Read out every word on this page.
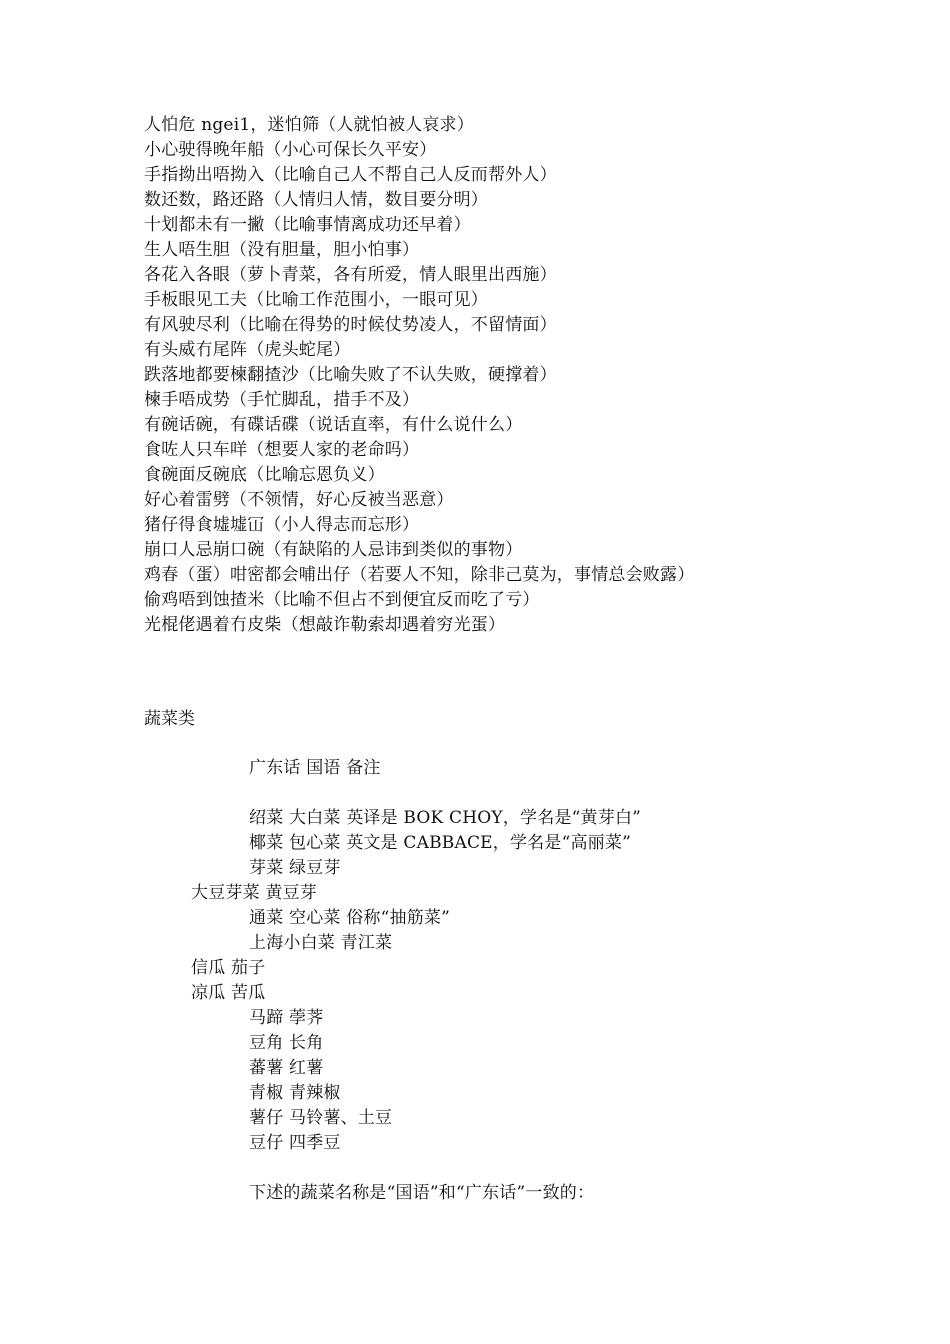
人怕危 ngei1，迷怕筛（人就怕被人哀求）
小心驶得晚年船（小心可保长久平安）
手指拗出唔拗入（比喻自己人不帮自己人反而帮外人）
数还数，路还路（人情归人情，数目要分明）
十划都未有一撇（比喻事情离成功还早着）
生人唔生胆（没有胆量，胆小怕事）
各花入各眼（萝卜青菜，各有所爱，情人眼里出西施）
手板眼见工夫（比喻工作范围小，一眼可见）
有风驶尽利（比喻在得势的时候仗势凌人，不留情面）
有头威冇尾阵（虎头蛇尾）
跌落地都要楝翻揸沙（比喻失败了不认失败，硬撑着）
楝手唔成势（手忙脚乱，措手不及）
有碗话碗，有碟话碟（说话直率，有什么说什么）
食咗人只车咩（想要人家的老命吗）
食碗面反碗底（比喻忘恩负义）
好心着雷劈（不领情，好心反被当恶意）
猪仔得食墟墟冚（小人得志而忘形）
崩口人忌崩口碗（有缺陷的人忌讳到类似的事物）
鸡春（蛋）咁密都会哺出仔（若要人不知，除非己莫为，事情总会败露）
偷鸡唔到蚀揸米（比喻不但占不到便宜反而吃了亏）
光棍佬遇着冇皮柴（想敲诈勒索却遇着穷光蛋）
蔬菜类
广东话 国语 备注
绍菜 大白菜 英译是 BOK CHOY，学名是“黄芽白”
椰菜 包心菜 英文是 CABBACE，学名是“高丽菜”
芽菜 绿豆芽
大豆芽菜 黄豆芽
通菜 空心菜 俗称“抽筋菜”
上海小白菜 青江菜
信瓜 茄子
凉瓜 苦瓜
马蹄 荸荠
豆角 长角
蕃薯 红薯
青椒 青辣椒
薯仔 马铃薯、土豆
豆仔 四季豆
下述的蔬菜名称是“国语”和“广东话”一致的：
